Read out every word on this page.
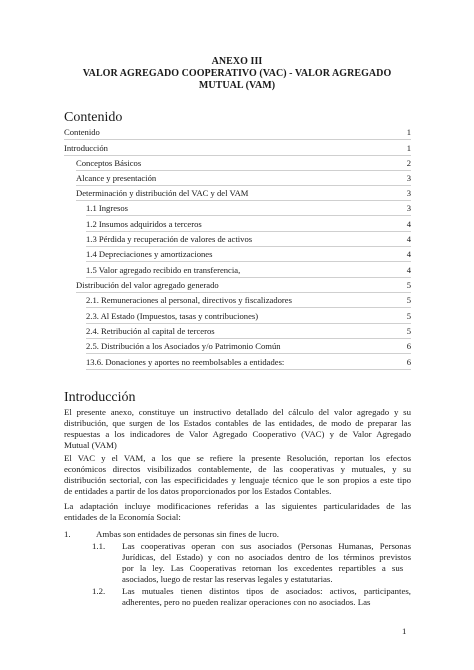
ANEXO III
VALOR AGREGADO COOPERATIVO (VAC) - VALOR AGREGADO
MUTUAL (VAM)
Contenido
Contenido	1
Introducción	1
Conceptos Básicos	2
Alcance y presentación	3
Determinación y distribución del VAC y del VAM	3
1.1 Ingresos	3
1.2 Insumos adquiridos a terceros	4
1.3 Pérdida y recuperación de valores de activos	4
1.4 Depreciaciones y amortizaciones	4
1.5 Valor agregado recibido en transferencia,	4
Distribución del valor agregado generado	5
2.1. Remuneraciones al personal, directivos y fiscalizadores	5
2.3. Al Estado (Impuestos, tasas y contribuciones)	5
2.4. Retribución al capital de terceros	5
2.5. Distribución a los Asociados y/o Patrimonio Común	6
13.6. Donaciones y aportes no reembolsables a entidades:	6
Introducción
El presente anexo, constituye un instructivo detallado del cálculo del valor agregado y su
distribución, que surgen de los Estados contables de las entidades, de modo de preparar las
respuestas a los indicadores de Valor Agregado Cooperativo (VAC) y de Valor Agregado
Mutual (VAM)
El VAC y el VAM, a los que se refiere la presente Resolución, reportan los efectos
económicos directos visibilizados contablemente, de las cooperativas y mutuales, y su
distribución sectorial, con las especificidades y lenguaje técnico que le son propios a este tipo
de entidades a partir de los datos proporcionados por los Estados Contables.
La adaptación incluye modificaciones referidas a las siguientes particularidades de las
entidades de la Economía Social:
1.	Ambas son entidades de personas sin fines de lucro.
1.1. Las cooperativas operan con sus asociados (Personas Humanas, Personas
Jurídicas, del Estado) y con no asociados dentro de los términos previstos
por la ley. Las Cooperativas retornan los excedentes repartibles a sus
asociados, luego de restar las reservas legales y estatutarias.
1.2. Las mutuales tienen distintos tipos de asociados: activos, participantes,
adherentes, pero no pueden realizar operaciones con no asociados. Las
1
